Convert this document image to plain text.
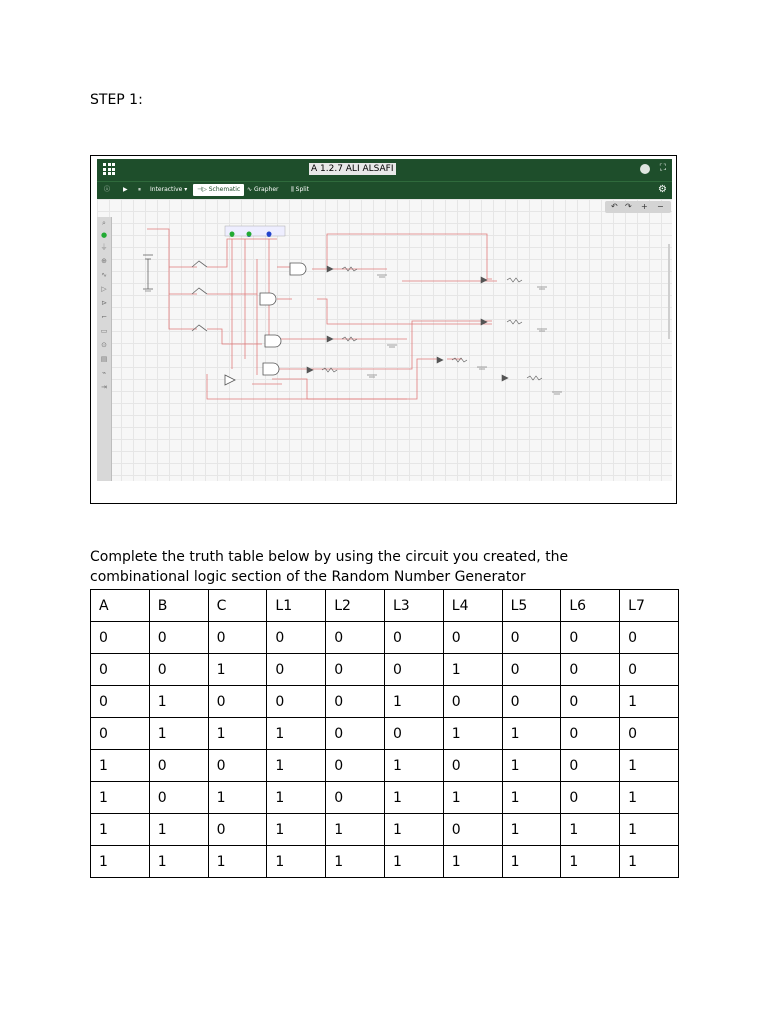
STEP 1:
A 1.2.7 ALI ALSAFI	⛶
ⓘ ▶ ⏸ Interactive ▾	⊣▷ Schematic	∿ Grapher ⫼ Split	⚙
↶ ↷ + −
⌕
●
⏚
⊕
∿
▷
⊳
⌐
▭
⊙
▤
⌁
⇥
Complete the truth table below by using the circuit you created, the combinational logic section of the Random Number Generator
A	B	C	L1	L2	L3	L4	L5	L6	L7
0	0	0	0	0	0	0	0	0	0
0	0	1	0	0	0	1	0	0	0
0	1	0	0	0	1	0	0	0	1
0	1	1	1	0	0	1	1	0	0
1	0	0	1	0	1	0	1	0	1
1	0	1	1	0	1	1	1	0	1
1	1	0	1	1	1	0	1	1	1
1	1	1	1	1	1	1	1	1	1
